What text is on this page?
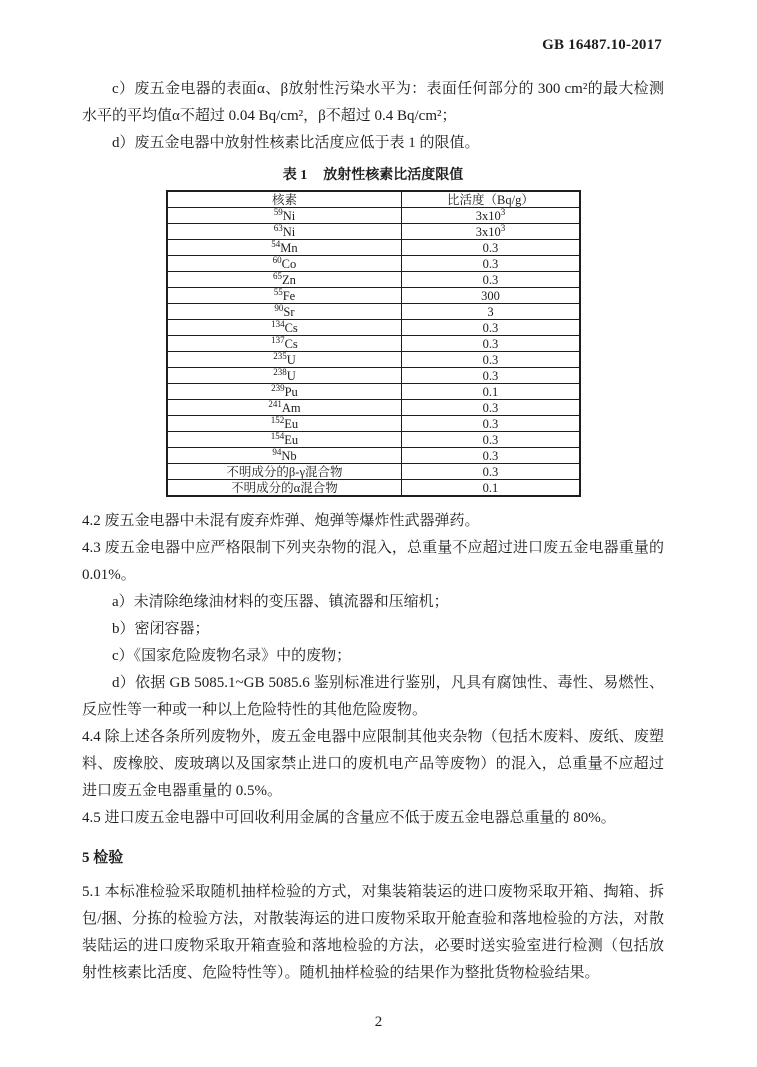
GB 16487.10-2017

c）废五金电器的表面α、β放射性污染水平为：表面任何部分的 300 cm²的最大检测水平的平均值α不超过 0.04 Bq/cm²，β不超过 0.4 Bq/cm²；

d）废五金电器中放射性核素比活度应低于表 1 的限值。

表 1 放射性核素比活度限值
核素	比活度（Bq/g）
$^{59}$Ni	$3x10^3$
$^{63}$Ni	$3x10^3$
$^{54}$Mn	0.3
$^{60}$Co	0.3
$^{65}$Zn	0.3
$^{55}$Fe	300
$^{90}$Sr	3
$^{134}$Cs	0.3
$^{137}$Cs	0.3
$^{235}$U	0.3
$^{238}$U	0.3
$^{239}$Pu	0.1
$^{241}$Am	0.3
$^{152}$Eu	0.3
$^{154}$Eu	0.3
$^{94}$Nb	0.3
不明成分的β-γ混合物	0.3
不明成分的α混合物	0.1

4.2 废五金电器中未混有废弃炸弹、炮弹等爆炸性武器弹药。

4.3 废五金电器中应严格限制下列夹杂物的混入，总重量不应超过进口废五金电器重量的 0.01%。

a）未清除绝缘油材料的变压器、镇流器和压缩机；

b）密闭容器；

c）《国家危险废物名录》中的废物；

d）依据 GB 5085.1~GB 5085.6 鉴别标准进行鉴别，凡具有腐蚀性、毒性、易燃性、反应性等一种或一种以上危险特性的其他危险废物。

4.4 除上述各条所列废物外，废五金电器中应限制其他夹杂物（包括木废料、废纸、废塑料、废橡胶、废玻璃以及国家禁止进口的废机电产品等废物）的混入，总重量不应超过进口废五金电器重量的 0.5%。

4.5 进口废五金电器中可回收利用金属的含量应不低于废五金电器总重量的 80%。

5 检验

5.1 本标准检验采取随机抽样检验的方式，对集装箱装运的进口废物采取开箱、掏箱、拆包/捆、分拣的检验方法，对散装海运的进口废物采取开舱查验和落地检验的方法，对散装陆运的进口废物采取开箱查验和落地检验的方法，必要时送实验室进行检测（包括放射性核素比活度、危险特性等）。随机抽样检验的结果作为整批货物检验结果。

2
